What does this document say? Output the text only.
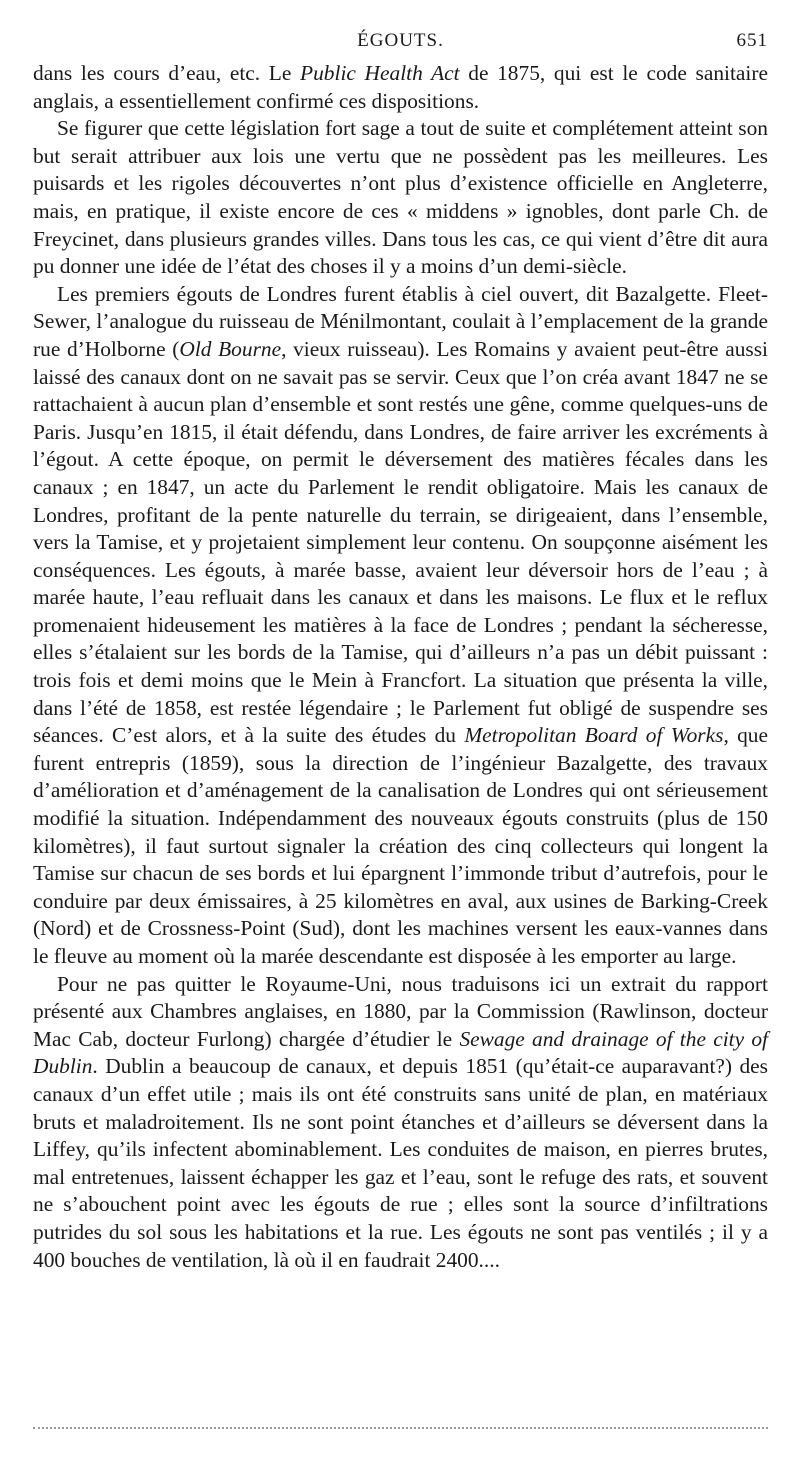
ÉGOUTS.	651

dans les cours d’eau, etc. Le Public Health Act de 1875, qui est le code sanitaire anglais, a essentiellement confirmé ces dispositions.

Se figurer que cette législation fort sage a tout de suite et complétement atteint son but serait attribuer aux lois une vertu que ne possèdent pas les meilleures. Les puisards et les rigoles découvertes n’ont plus d’existence officielle en Angleterre, mais, en pratique, il existe encore de ces « middens » ignobles, dont parle Ch. de Freycinet, dans plusieurs grandes villes. Dans tous les cas, ce qui vient d’être dit aura pu donner une idée de l’état des choses il y a moins d’un demi-siècle.

Les premiers égouts de Londres furent établis à ciel ouvert, dit Bazalgette. Fleet-Sewer, l’analogue du ruisseau de Ménilmontant, coulait à l’emplacement de la grande rue d’Holborne (Old Bourne, vieux ruisseau). Les Romains y avaient peut-être aussi laissé des canaux dont on ne savait pas se servir. Ceux que l’on créa avant 1847 ne se rattachaient à aucun plan d’ensemble et sont restés une gêne, comme quelques-uns de Paris. Jusqu’en 1815, il était défendu, dans Londres, de faire arriver les excréments à l’égout. A cette époque, on permit le déversement des matières fécales dans les canaux ; en 1847, un acte du Parlement le rendit obligatoire. Mais les canaux de Londres, profitant de la pente naturelle du terrain, se dirigeaient, dans l’ensemble, vers la Tamise, et y projetaient simplement leur contenu. On soupçonne aisément les conséquences. Les égouts, à marée basse, avaient leur déversoir hors de l’eau ; à marée haute, l’eau refluait dans les canaux et dans les maisons. Le flux et le reflux promenaient hideusement les matières à la face de Londres ; pendant la sécheresse, elles s’étalaient sur les bords de la Tamise, qui d’ailleurs n’a pas un débit puissant : trois fois et demi moins que le Mein à Francfort. La situation que présenta la ville, dans l’été de 1858, est restée légendaire ; le Parlement fut obligé de suspendre ses séances. C’est alors, et à la suite des études du Metropolitan Board of Works, que furent entrepris (1859), sous la direction de l’ingénieur Bazalgette, des travaux d’amélioration et d’aménagement de la canalisation de Londres qui ont sérieusement modifié la situation. Indépendamment des nouveaux égouts construits (plus de 150 kilomètres), il faut surtout signaler la création des cinq collecteurs qui longent la Tamise sur chacun de ses bords et lui épargnent l’immonde tribut d’autrefois, pour le conduire par deux émissaires, à 25 kilomètres en aval, aux usines de Barking-Creek (Nord) et de Crossness-Point (Sud), dont les machines versent les eaux-vannes dans le fleuve au moment où la marée descendante est disposée à les emporter au large.

Pour ne pas quitter le Royaume-Uni, nous traduisons ici un extrait du rapport présenté aux Chambres anglaises, en 1880, par la Commission (Rawlinson, docteur Mac Cab, docteur Furlong) chargée d’étudier le Sewage and drainage of the city of Dublin. Dublin a beaucoup de canaux, et depuis 1851 (qu’était-ce auparavant?) des canaux d’un effet utile ; mais ils ont été construits sans unité de plan, en matériaux bruts et maladroitement. Ils ne sont point étanches et d’ailleurs se déversent dans la Liffey, qu’ils infectent abominablement. Les conduites de maison, en pierres brutes, mal entretenues, laissent échapper les gaz et l’eau, sont le refuge des rats, et souvent ne s’abouchent point avec les égouts de rue ; elles sont la source d’infiltrations putrides du sol sous les habitations et la rue. Les égouts ne sont pas ventilés ; il y a 400 bouches de ventilation, là où il en faudrait 2400....
